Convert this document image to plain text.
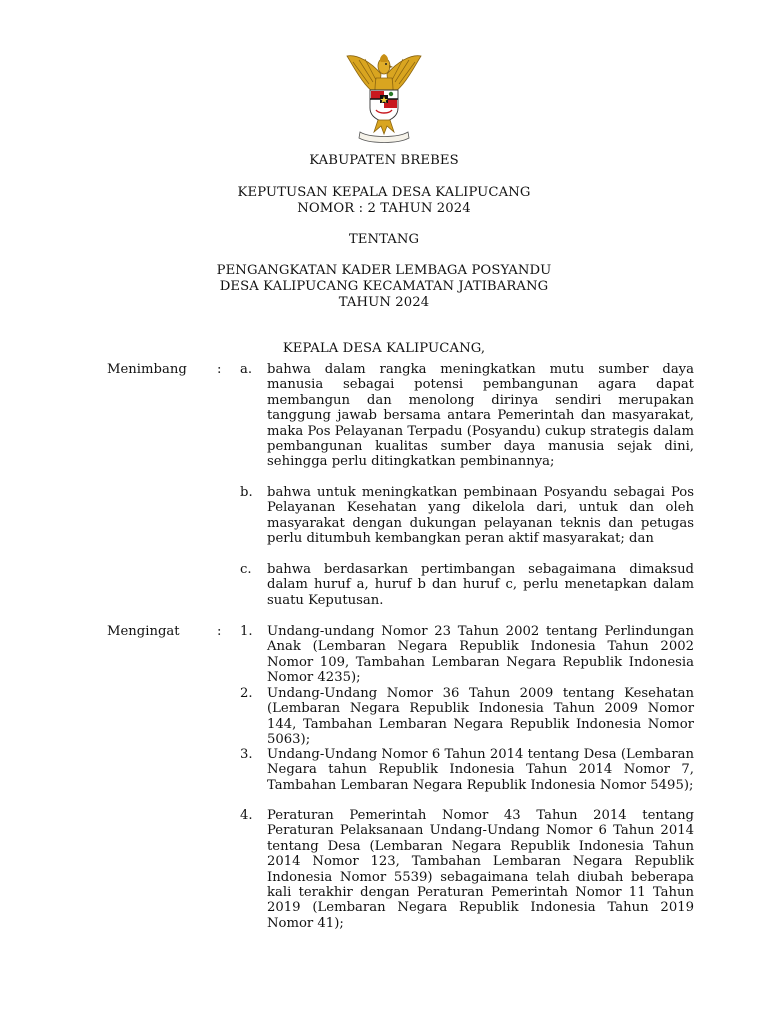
KABUPATEN BREBES
KEPUTUSAN KEPALA DESA KALIPUCANG
NOMOR : 2 TAHUN 2024
TENTANG
PENGANGKATAN KADER LEMBAGA POSYANDU
DESA KALIPUCANG KECAMATAN JATIBARANG
TAHUN 2024
KEPALA DESA KALIPUCANG,
Menimbang : a. bahwa dalam rangka meningkatkan mutu sumber daya manusia sebagai potensi pembangunan agara dapat membangun dan menolong dirinya sendiri merupakan tanggung jawab bersama antara Pemerintah dan masyarakat, maka Pos Pelayanan Terpadu (Posyandu) cukup strategis dalam pembangunan kualitas sumber daya manusia sejak dini, sehingga perlu ditingkatkan pembinannya;

b. bahwa untuk meningkatkan pembinaan Posyandu sebagai Pos Pelayanan Kesehatan yang dikelola dari, untuk dan oleh masyarakat dengan dukungan pelayanan teknis dan petugas perlu ditumbuh kembangkan peran aktif masyarakat; dan

c. bahwa berdasarkan pertimbangan sebagaimana dimaksud dalam huruf a, huruf b dan huruf c, perlu menetapkan dalam suatu Keputusan.

Mengingat	: 1. Undang-undang Nomor 23 Tahun 2002 tentang Perlindungan Anak (Lembaran Negara Republik Indonesia Tahun 2002 Nomor 109, Tambahan Lembaran Negara Republik Indonesia Nomor 4235);

2. Undang-Undang Nomor 36 Tahun 2009 tentang Kesehatan (Lembaran Negara Republik Indonesia Tahun 2009 Nomor 144, Tambahan Lembaran Negara Republik Indonesia Nomor 5063);

3. Undang-Undang Nomor 6 Tahun 2014 tentang Desa (Lembaran Negara tahun Republik Indonesia Tahun 2014 Nomor 7, Tambahan Lembaran Negara Republik Indonesia Nomor 5495);

4. Peraturan Pemerintah Nomor 43 Tahun 2014 tentang Peraturan Pelaksanaan Undang-Undang Nomor 6 Tahun 2014 tentang Desa (Lembaran Negara Republik Indonesia Tahun 2014 Nomor 123, Tambahan Lembaran Negara Republik Indonesia Nomor 5539) sebagaimana telah diubah beberapa kali terakhir dengan Peraturan Pemerintah Nomor 11 Tahun 2019 (Lembaran Negara Republik Indonesia Tahun 2019 Nomor 41);
